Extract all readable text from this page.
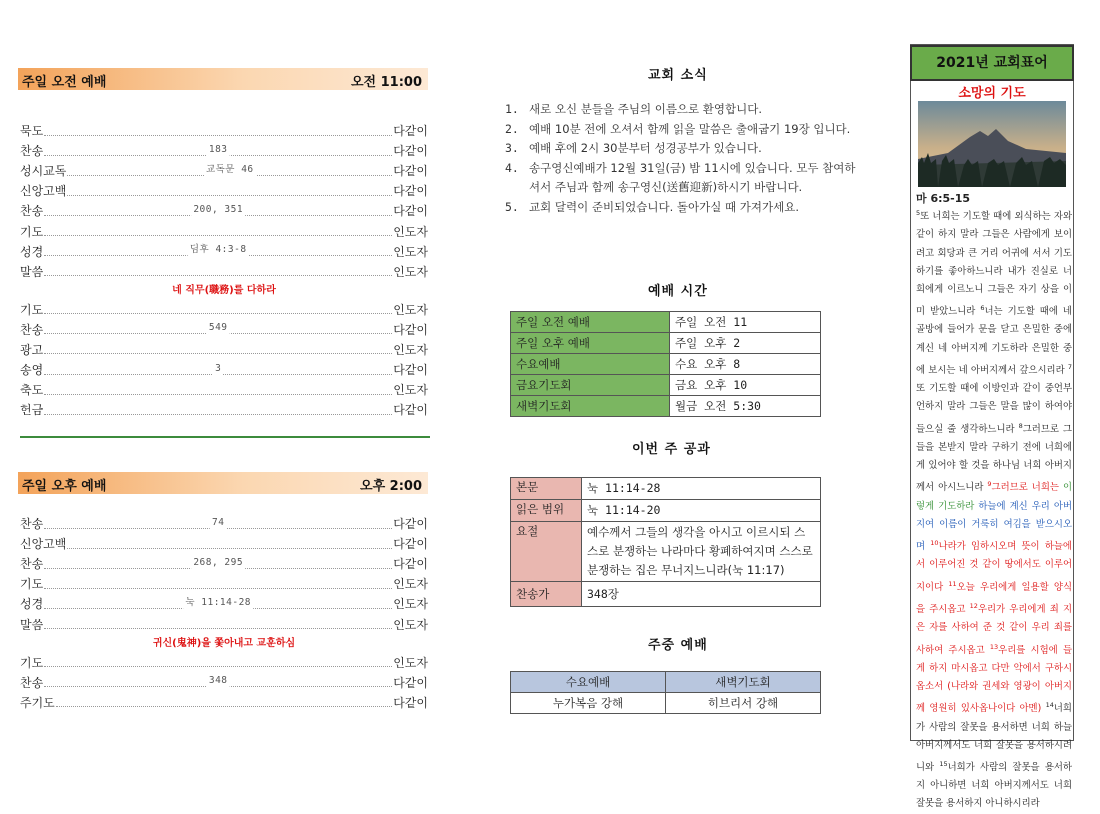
주일 오전 예배	오전 11:00
묵도	다같이
찬송	183	다같이
성시교독	교독문 46	다같이
신앙고백	다같이
찬송	200, 351	다같이
기도	인도자
성경	딤후 4:3-8	인도자
말씀	인도자
네 직무(職務)를 다하라
기도	인도자
찬송	549	다같이
광고	인도자
송영	3	다같이
축도	인도자
헌금	다같이
주일 오후 예배	오후 2:00
찬송	74	다같이
신앙고백	다같이
찬송	268, 295	다같이
기도	인도자
성경	눅 11:14-28	인도자
말씀	인도자
귀신(鬼神)을 쫓아내고 교훈하심
기도	인도자
찬송	348	다같이
주기도	다같이
교회 소식
1. 새로 오신 분들을 주님의 이름으로 환영합니다.
2. 예배 10분 전에 오셔서 함께 읽을 말씀은 출애굽기 19장 입니다.
3. 예배 후에 2시 30분부터 성경공부가 있습니다.
4. 송구영신예배가 12월 31일(금) 밤 11시에 있습니다. 모두 참여하셔서 주님과 함께 송구영신(送舊迎新)하시기 바랍니다.
5. 교회 달력이 준비되었습니다. 돌아가실 때 가져가세요.
예배 시간
주일 오전 예배	주일 오전 11
주일 오후 예배	주일 오후 2
수요예배	수요 오후 8
금요기도회	금요 오후 10
새벽기도회	월금 오전 5:30
이번 주 공과
본문	눅 11:14-28
읽은 범위	눅 11:14-20
요절	예수께서 그들의 생각을 아시고 이르시되 스스로 분쟁하는 나라마다 황폐하여지며 스스로 분쟁하는 집은 무너지느니라(눅 11:17)
찬송가	348장
주중 예배
수요예배	새벽기도회
누가복음 강해	히브리서 강해
2021년 교회표어
소망의 기도
마 6:5-15
$^5$또 너희는 기도할 때에 외식하는 자와 같이 하지 말라 그들은 사람에게 보이려고 회당과 큰 거리 어귀에 서서 기도하기를 좋아하느니라 내가 진실로 너희에게 이르노니 그들은 자기 상을 이미 받았느니라 $^6$너는 기도할 때에 네 골방에 들어가 문을 닫고 은밀한 중에 계신 네 아버지께 기도하라 은밀한 중에 보시는 네 아버지께서 갚으시리라 $^7$또 기도할 때에 이방인과 같이 중언부언하지 말라 그들은 말을 많이 하여야 들으실 줄 생각하느니라 $^8$그러므로 그들을 본받지 말라 구하기 전에 너희에게 있어야 할 것을 하나님 너희 아버지께서 아시느니라 $^9$그러므로 너희는 이렇게 기도하라 하늘에 계신 우리 아버지여 이름이 거룩히 여김을 받으시오며 $^{10}$나라가 임하시오며 뜻이 하늘에서 이루어진 것 같이 땅에서도 이루어지이다 $^{11}$오늘 우리에게 일용할 양식을 주시옵고 $^{12}$우리가 우리에게 죄 지은 자를 사하여 준 것 같이 우리 죄를 사하여 주시옵고 $^{13}$우리를 시험에 들게 하지 마시옵고 다만 악에서 구하시옵소서 (나라와 권세와 영광이 아버지께 영원히 있사옵나이다 아멘) $^{14}$너희가 사람의 잘못을 용서하면 너희 하늘 아버지께서도 너희 잘못을 용서하시려니와 $^{15}$너희가 사람의 잘못을 용서하지 아니하면 너희 아버지께서도 너희 잘못을 용서하지 아니하시리라
